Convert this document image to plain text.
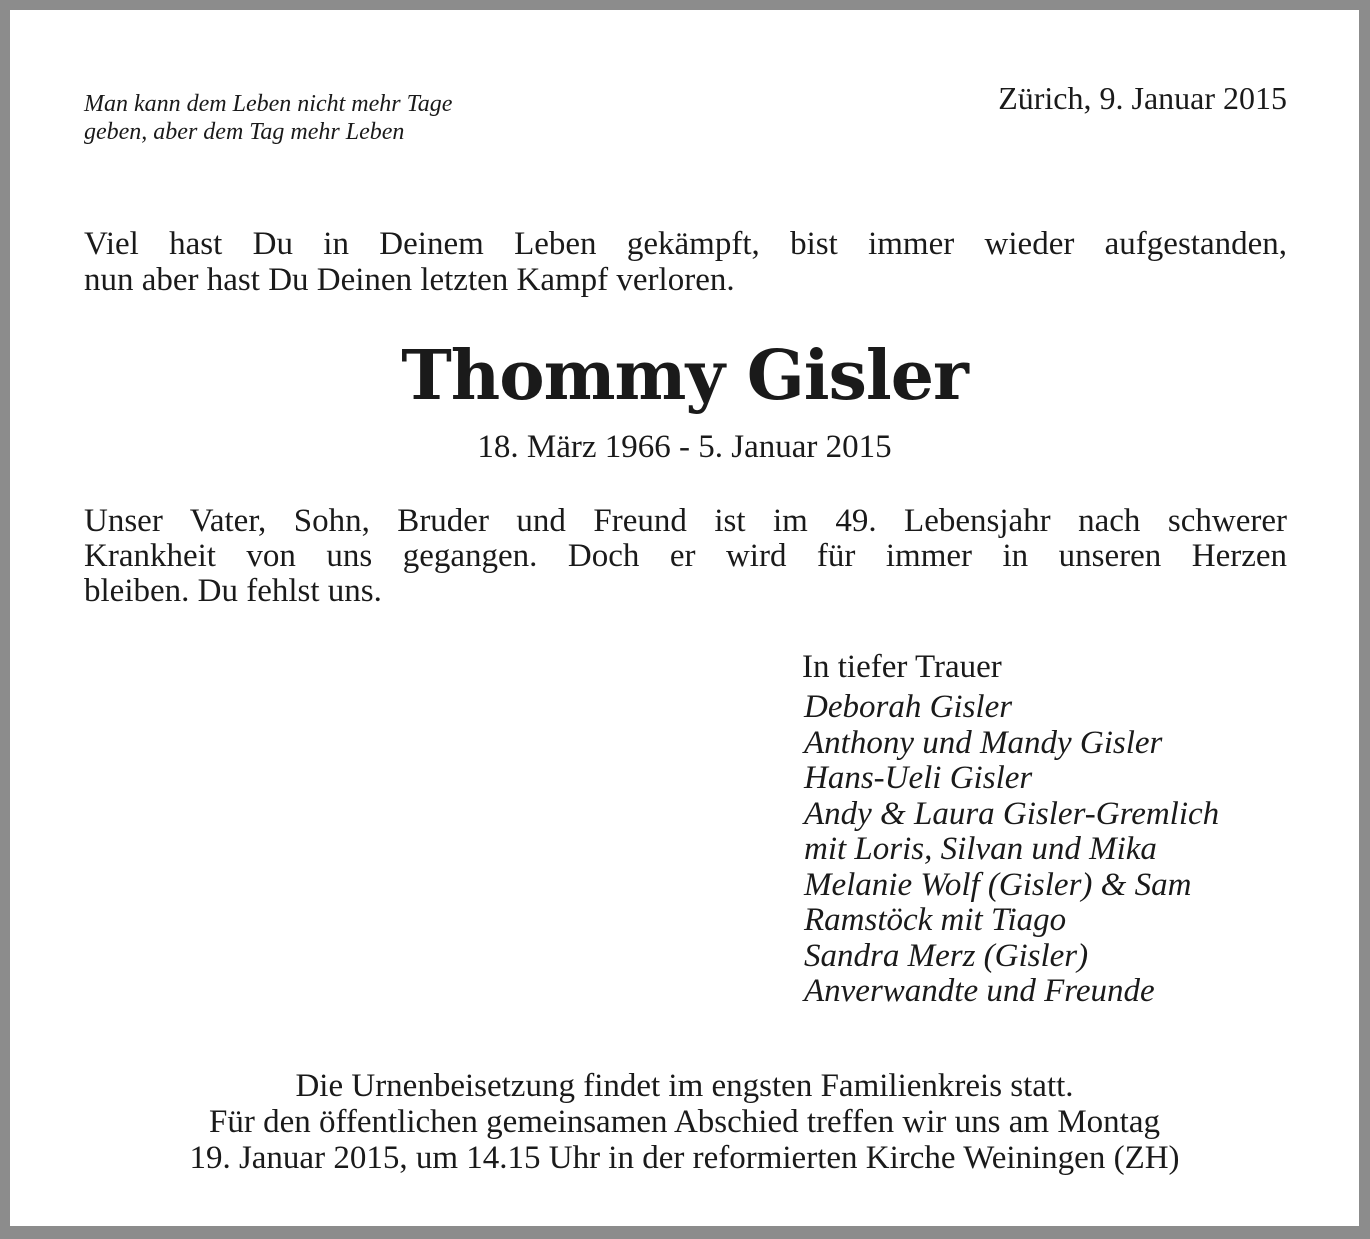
Man kann dem Leben nicht mehr Tage
geben, aber dem Tag mehr Leben
Zürich, 9. Januar 2015
Viel hast Du in Deinem Leben gekämpft, bist immer wieder aufgestanden,
nun aber hast Du Deinen letzten Kampf verloren.
Thommy Gisler
18. März 1966 - 5. Januar 2015
Unser Vater, Sohn, Bruder und Freund ist im 49. Lebensjahr nach schwerer
Krankheit von uns gegangen. Doch er wird für immer in unseren Herzen
bleiben. Du fehlst uns.
In tiefer Trauer
Deborah Gisler
Anthony und Mandy Gisler
Hans-Ueli Gisler
Andy & Laura Gisler-Gremlich
mit Loris, Silvan und Mika
Melanie Wolf (Gisler) & Sam
Ramstöck mit Tiago
Sandra Merz (Gisler)
Anverwandte und Freunde
Die Urnenbeisetzung findet im engsten Familienkreis statt.
Für den öffentlichen gemeinsamen Abschied treffen wir uns am Montag
19. Januar 2015, um 14.15 Uhr in der reformierten Kirche Weiningen (ZH)
